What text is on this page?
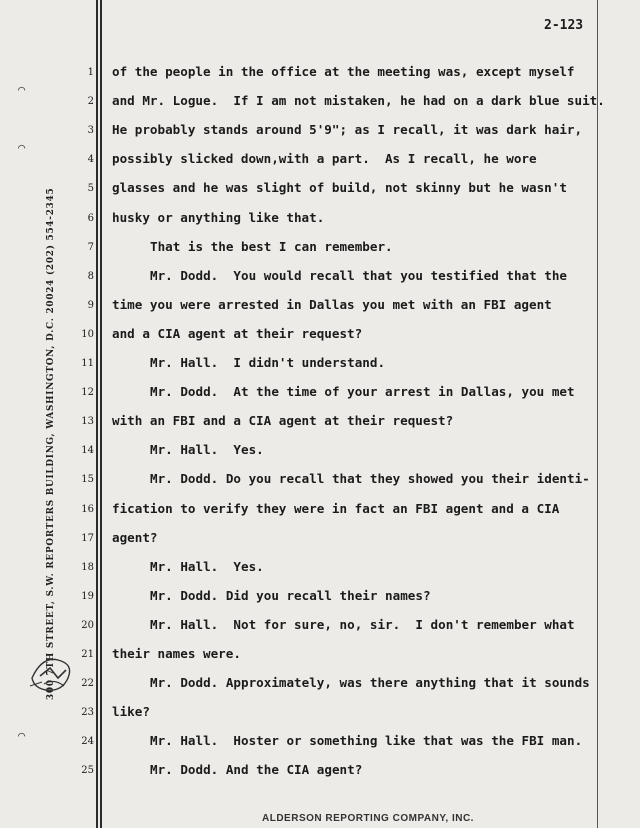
2-123
1 of the people in the office at the meeting was, except myself
2 and Mr. Logue.  If I am not mistaken, he had on a dark blue suit.
3 He probably stands around 5'9"; as I recall, it was dark hair,
4 possibly slicked down,with a part.  As I recall, he wore
5 glasses and he was slight of build, not skinny but he wasn't
6 husky or anything like that.
7	That is the best I can remember.
8	Mr. Dodd.  You would recall that you testified that the
9 time you were arrested in Dallas you met with an FBI agent
10 and a CIA agent at their request?
11	Mr. Hall.  I didn't understand.
12	Mr. Dodd.  At the time of your arrest in Dallas, you met
13 with an FBI and a CIA agent at their request?
14	Mr. Hall.  Yes.
15	Mr. Dodd. Do you recall that they showed you their identi-
16 fication to verify they were in fact an FBI agent and a CIA
17 agent?
18	Mr. Hall.  Yes.
19	Mr. Dodd. Did you recall their names?
20	Mr. Hall.  Not for sure, no, sir.  I don't remember what
21 their names were.
22	Mr. Dodd. Approximately, was there anything that it sounds
23 like?
24	Mr. Hall.  Hoster or something like that was the FBI man.
25	Mr. Dodd. And the CIA agent?
300 7TH STREET, S.W. REPORTERS BUILDING, WASHINGTON, D.C. 20024 (202) 554-2345
⌒
⌒
⌒
ALDERSON REPORTING COMPANY, INC.
